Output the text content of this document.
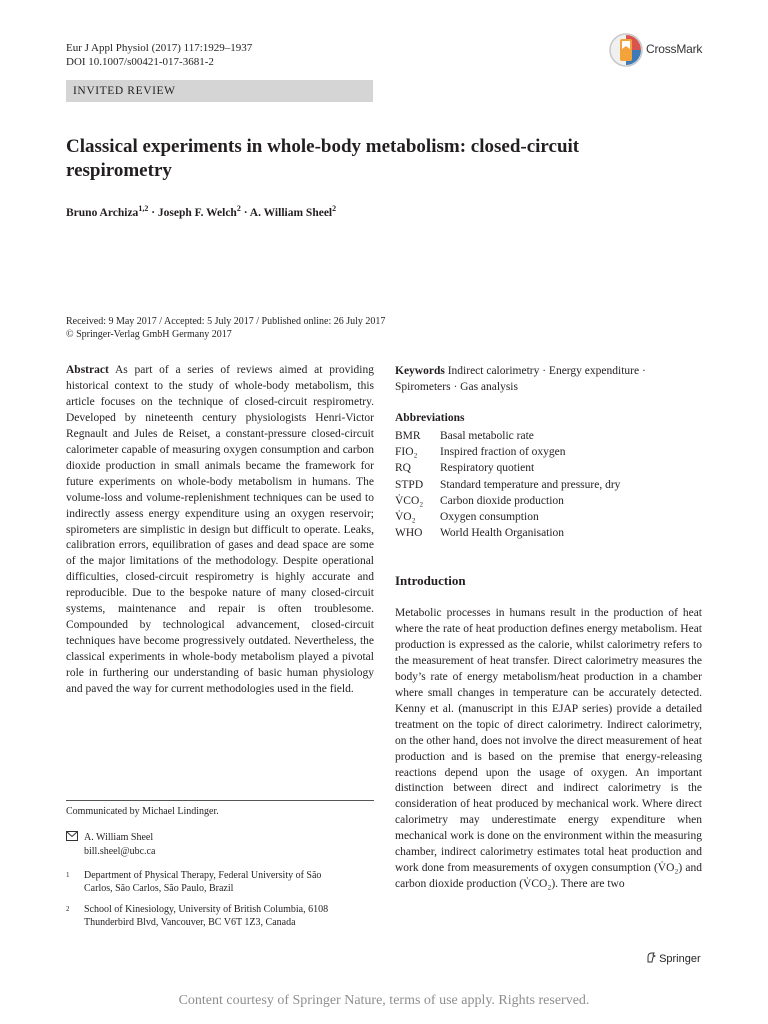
Eur J Appl Physiol (2017) 117:1929–1937
DOI 10.1007/s00421-017-3681-2
INVITED REVIEW
CrossMark
Classical experiments in whole-body metabolism: closed-circuit respirometry
Bruno Archiza$^{1,2}$ · Joseph F. Welch$^2$ · A. William Sheel$^2$
Received: 9 May 2017 / Accepted: 5 July 2017 / Published online: 26 July 2017
© Springer-Verlag GmbH Germany 2017

Abstract As part of a series of reviews aimed at providing historical context to the study of whole-body metabolism, this article focuses on the technique of closed-circuit respirometry. Developed by nineteenth century physiologists Henri-Victor Regnault and Jules de Reiset, a constant-pressure closed-circuit calorimeter capable of measuring oxygen consumption and carbon dioxide production in small animals became the framework for future experiments on whole-body metabolism in humans. The volume-loss and volume-replenishment techniques can be used to indirectly assess energy expenditure using an oxygen reservoir; spirometers are simplistic in design but difficult to operate. Leaks, calibration errors, equilibration of gases and dead space are some of the major limitations of the methodology. Despite operational difficulties, closed-circuit respirometry is highly accurate and reproducible. Due to the bespoke nature of many closed-circuit systems, maintenance and repair is often troublesome. Compounded by technological advancement, closed-circuit techniques have become progressively outdated. Nevertheless, the classical experiments in whole-body metabolism played a pivotal role in furthering our understanding of basic human physiology and paved the way for current methodologies used in the field.

Keywords Indirect calorimetry · Energy expenditure ·
Spirometers · Gas analysis
Abbreviations
BMR	Basal metabolic rate
FIO₂	Inspired fraction of oxygen
RQ	Respiratory quotient
STPD	Standard temperature and pressure, dry
V̇CO₂	Carbon dioxide production
V̇O₂	Oxygen consumption
WHO	World Health Organisation
Introduction

Metabolic processes in humans result in the production of heat where the rate of heat production defines energy metabolism. Heat production is expressed as the calorie, whilst calorimetry refers to the measurement of heat transfer. Direct calorimetry measures the body’s rate of energy metabolism/heat production in a chamber where small changes in temperature can be accurately detected. Kenny et al. (manuscript in this EJAP series) provide a detailed treatment on the topic of direct calorimetry. Indirect calorimetry, on the other hand, does not involve the direct measurement of heat production and is based on the premise that energy-releasing reactions depend upon the usage of oxygen. An important distinction between direct and indirect calorimetry is the consideration of heat produced by mechanical work. Where direct calorimetry may underestimate energy expenditure when mechanical work is done on the environment within the measuring chamber, indirect calorimetry estimates total heat production and work done from measurements of oxygen consumption (V̇O₂) and carbon dioxide production (V̇CO₂). There are two

Communicated by Michael Lindinger.
A. William Sheel
bill.sheel@ubc.ca
1	Department of Physical Therapy, Federal University of São
Carlos, São Carlos, São Paulo, Brazil
2	School of Kinesiology, University of British Columbia, 6108
Thunderbird Blvd, Vancouver, BC V6T 1Z3, Canada
Springer
Content courtesy of Springer Nature, terms of use apply. Rights reserved.
